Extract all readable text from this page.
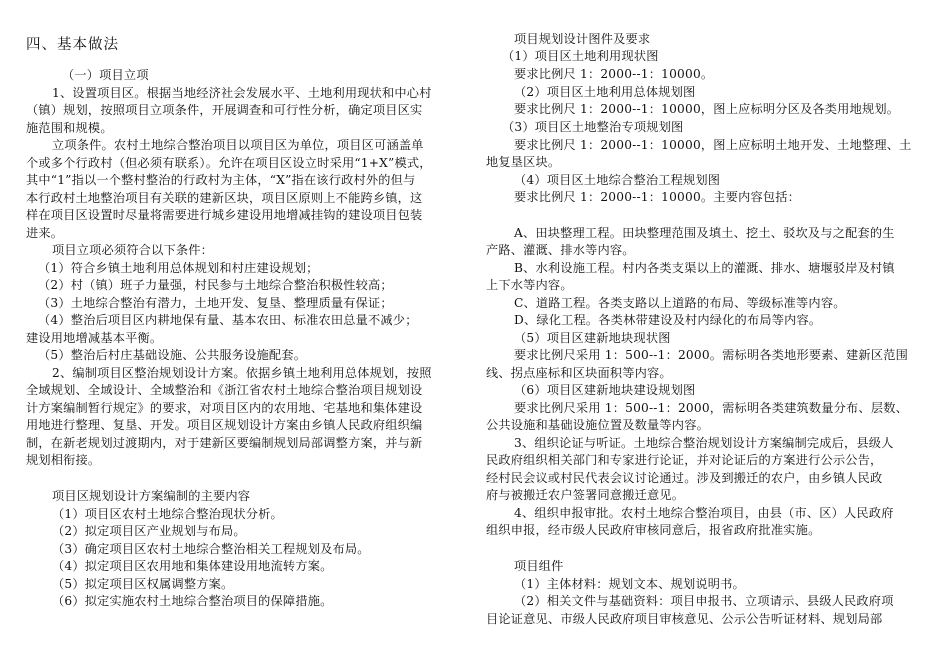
四、基本做法
（一）项目立项
1、设置项目区。根据当地经济社会发展水平、土地利用现状和中心村
（镇）规划，按照项目立项条件，开展调查和可行性分析，确定项目区实
施范围和规模。
立项条件。农村土地综合整治项目以项目区为单位，项目区可涵盖单
个或多个行政村（但必须有联系）。允许在项目区设立时采用“1+X”模式，
其中“1”指以一个整村整治的行政村为主体，“X”指在该行政村外的但与
本行政村土地整治项目有关联的建新区块，项目区原则上不能跨乡镇，这
样在项目区设置时尽量将需要进行城乡建设用地增减挂钩的建设项目包装
进来。
项目立项必须符合以下条件：
（1）符合乡镇土地利用总体规划和村庄建设规划；
（2）村（镇）班子力量强，村民参与土地综合整治积极性较高；
（3）土地综合整治有潜力，土地开发、复垦、整理质量有保证；
（4）整治后项目区内耕地保有量、基本农田、标准农田总量不减少；
建设用地增减基本平衡。
（5）整治后村庄基础设施、公共服务设施配套。
2、编制项目区整治规划设计方案。依据乡镇土地利用总体规划，按照
全域规划、全域设计、全域整治和《浙江省农村土地综合整治项目规划设
计方案编制暂行规定》的要求，对项目区内的农用地、宅基地和集体建设
用地进行整理、复垦、开发。项目区规划设计方案由乡镇人民政府组织编
制，在新老规划过渡期内，对于建新区要编制规划局部调整方案，并与新
规划相衔接。
项目区规划设计方案编制的主要内容
（1）项目区农村土地综合整治现状分析。
（2）拟定项目区产业规划与布局。
（3）确定项目区农村土地综合整治相关工程规划及布局。
（4）拟定项目区农用地和集体建设用地流转方案。
（5）拟定项目区权属调整方案。
（6）拟定实施农村土地综合整治项目的保障措施。
项目规划设计图件及要求
（1）项目区土地利用现状图
要求比例尺 1：2000--1：10000。
（2）项目区土地利用总体规划图
要求比例尺 1：2000--1：10000，图上应标明分区及各类用地规划。
（3）项目区土地整治专项规划图
要求比例尺 1：2000--1：10000，图上应标明土地开发、土地整理、土
地复垦区块。
（4）项目区土地综合整治工程规划图
要求比例尺 1：2000--1：10000。主要内容包括：
A、田块整理工程。田块整理范围及填土、挖土、驳坎及与之配套的生
产路、灌溉、排水等内容。
B、水利设施工程。村内各类支渠以上的灌溉、排水、塘堰驳岸及村镇
上下水等内容。
C、道路工程。各类支路以上道路的布局、等级标准等内容。
D、绿化工程。各类林带建设及村内绿化的布局等内容。
（5）项目区建新地块现状图
要求比例尺采用 1：500--1：2000。需标明各类地形要素、建新区范围
线、拐点座标和区块面积等内容。
（6）项目区建新地块建设规划图
要求比例尺采用 1：500--1：2000，需标明各类建筑数量分布、层数、
公共设施和基础设施位置及数量等内容。
3、组织论证与听证。土地综合整治规划设计方案编制完成后，县级人
民政府组织相关部门和专家进行论证，并对论证后的方案进行公示公告，
经村民会议或村民代表会议讨论通过。涉及到搬迁的农户，由乡镇人民政
府与被搬迁农户签署同意搬迁意见。
4、组织申报审批。农村土地综合整治项目，由县（市、区）人民政府
组织申报，经市级人民政府审核同意后，报省政府批准实施。
项目组件
（1）主体材料：规划文本、规划说明书。
（2）相关文件与基础资料：项目申报书、立项请示、县级人民政府项
目论证意见、市级人民政府项目审核意见、公示公告听证材料、规划局部
